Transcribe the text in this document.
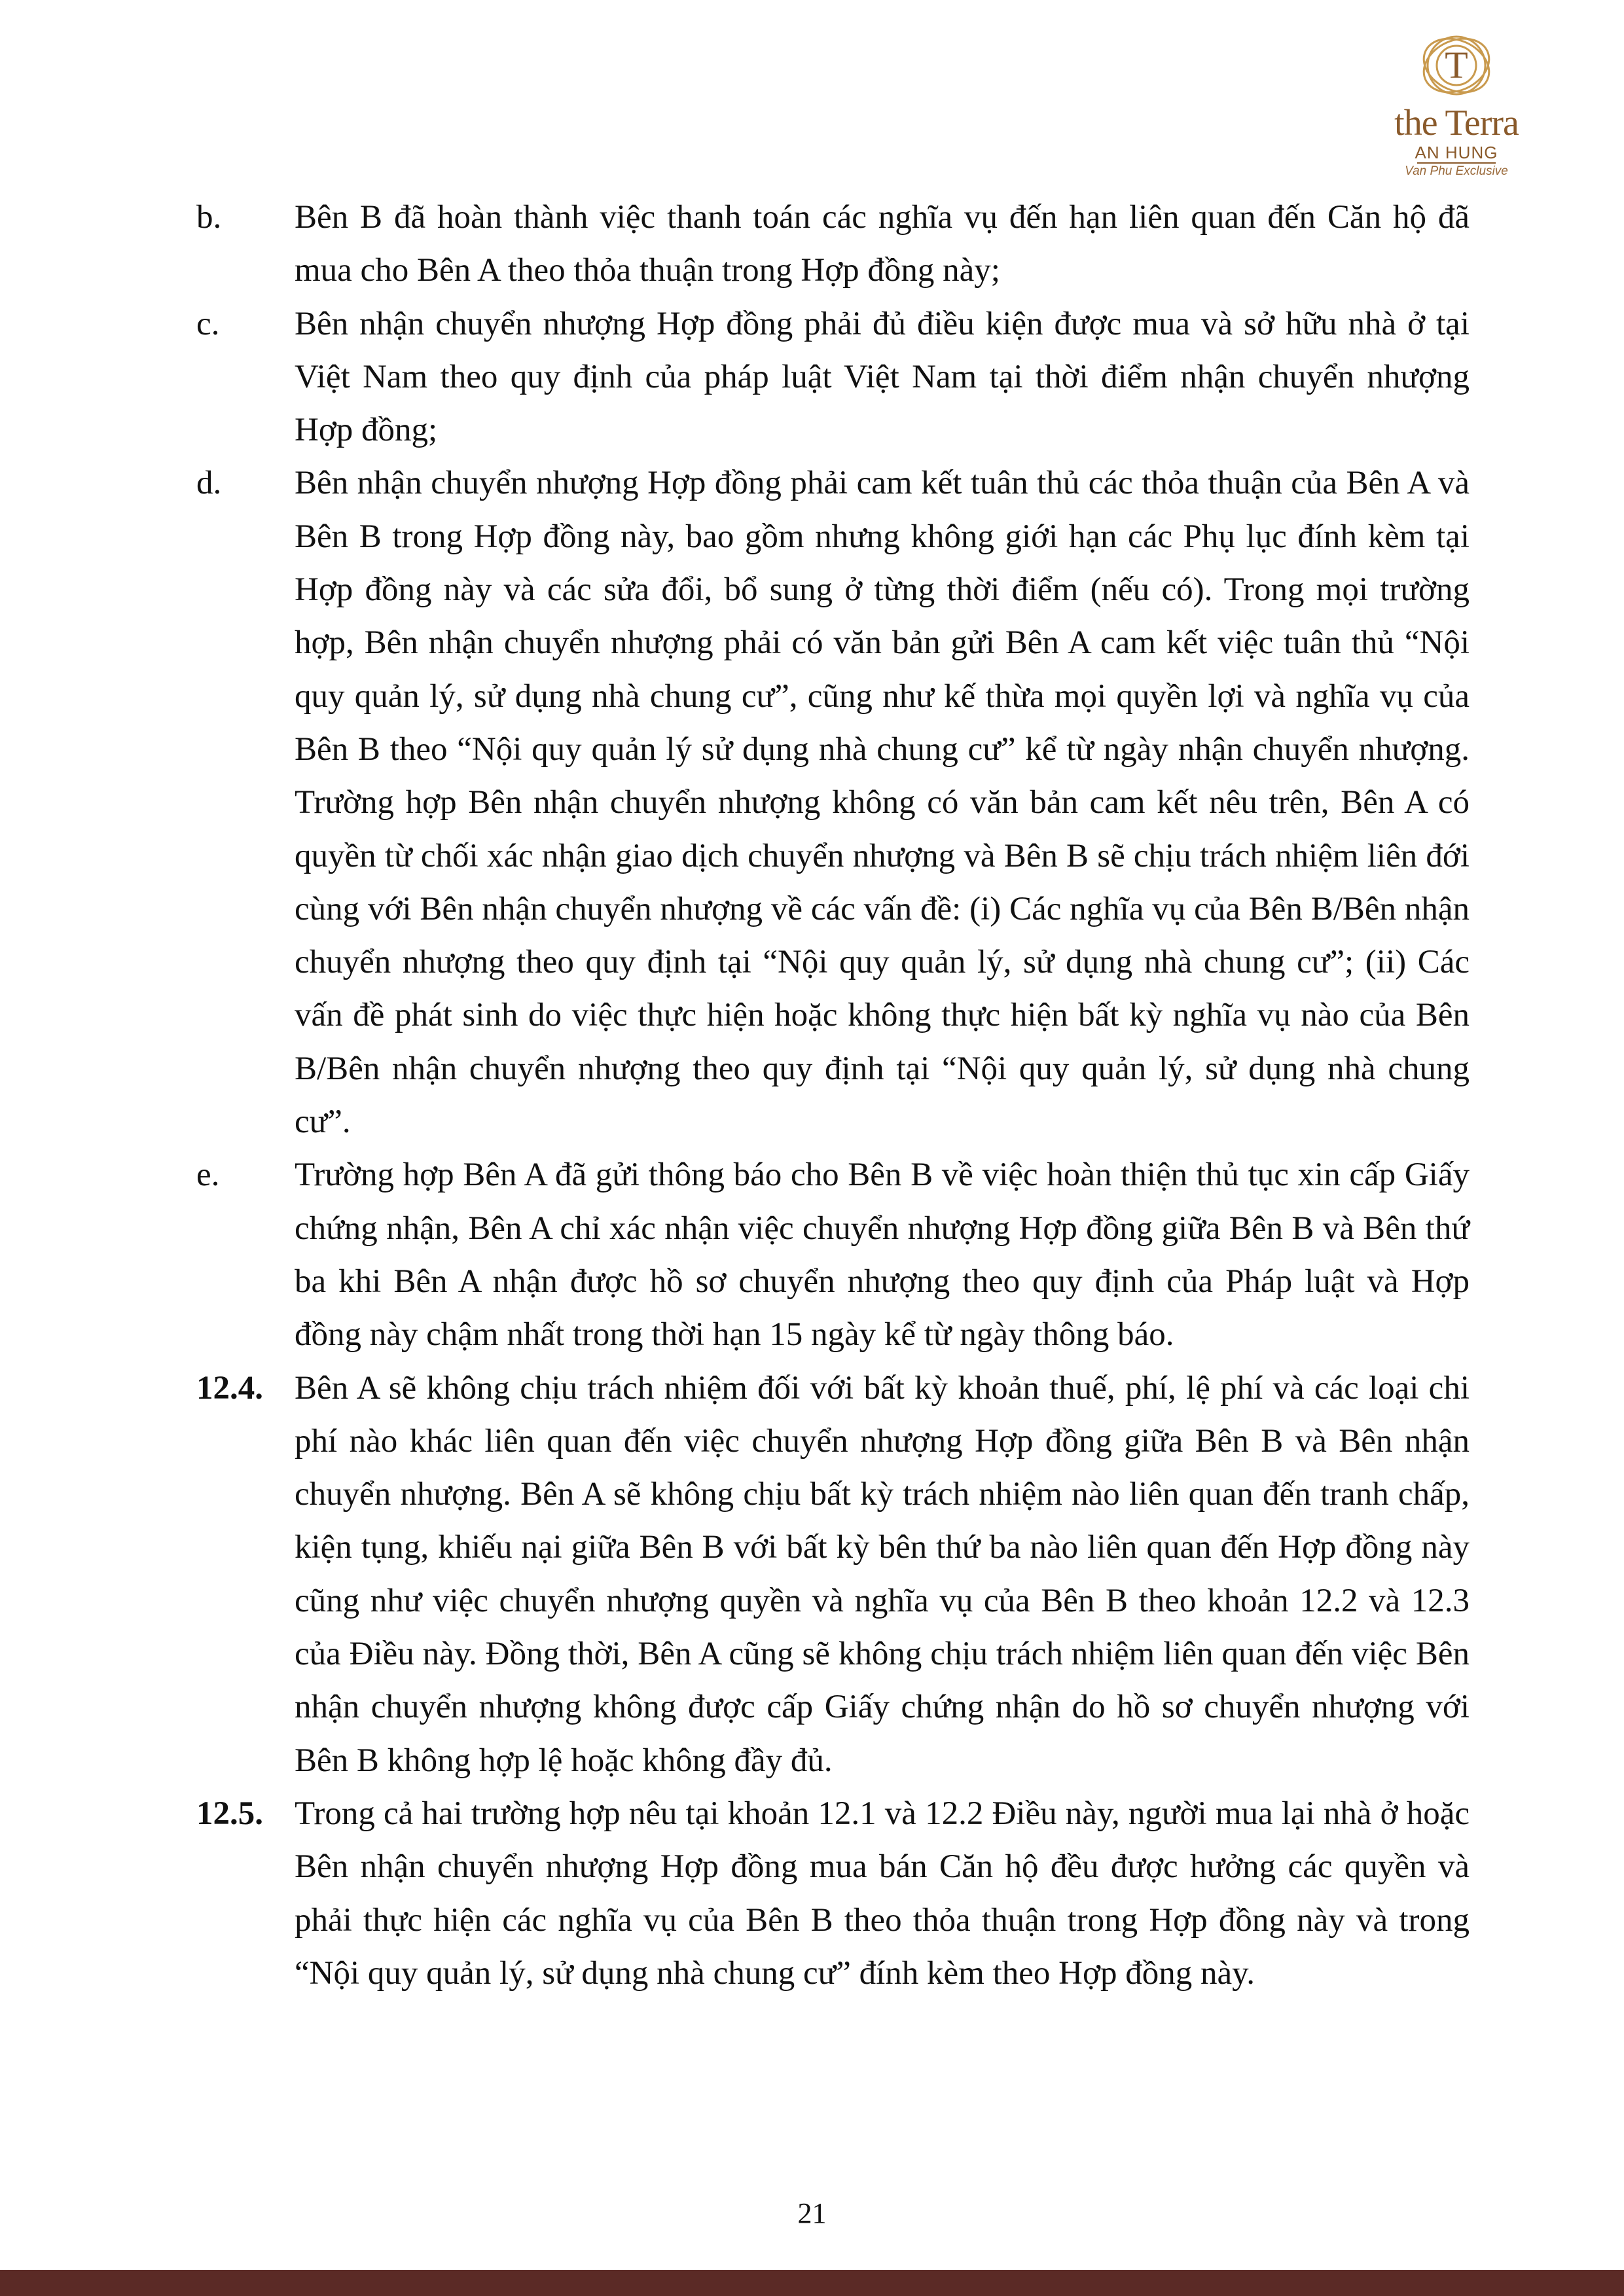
T
the Terra
AN HUNG
Van Phu Exclusive
b.	Bên B đã hoàn thành việc thanh toán các nghĩa vụ đến hạn liên quan đến Căn hộ đã mua cho Bên A theo thỏa thuận trong Hợp đồng này;
c.	Bên nhận chuyển nhượng Hợp đồng phải đủ điều kiện được mua và sở hữu nhà ở tại Việt Nam theo quy định của pháp luật Việt Nam tại thời điểm nhận chuyển nhượng Hợp đồng;
d.	Bên nhận chuyển nhượng Hợp đồng phải cam kết tuân thủ các thỏa thuận của Bên A và Bên B trong Hợp đồng này, bao gồm nhưng không giới hạn các Phụ lục đính kèm tại Hợp đồng này và các sửa đổi, bổ sung ở từng thời điểm (nếu có). Trong mọi trường hợp, Bên nhận chuyển nhượng phải có văn bản gửi Bên A cam kết việc tuân thủ “Nội quy quản lý, sử dụng nhà chung cư”, cũng như kế thừa mọi quyền lợi và nghĩa vụ của Bên B theo “Nội quy quản lý sử dụng nhà chung cư” kể từ ngày nhận chuyển nhượng. Trường hợp Bên nhận chuyển nhượng không có văn bản cam kết nêu trên, Bên A có quyền từ chối xác nhận giao dịch chuyển nhượng và Bên B sẽ chịu trách nhiệm liên đới cùng với Bên nhận chuyển nhượng về các vấn đề: (i) Các nghĩa vụ của Bên B/Bên nhận chuyển nhượng theo quy định tại “Nội quy quản lý, sử dụng nhà chung cư”; (ii) Các vấn đề phát sinh do việc thực hiện hoặc không thực hiện bất kỳ nghĩa vụ nào của Bên B/Bên nhận chuyển nhượng theo quy định tại “Nội quy quản lý, sử dụng nhà chung cư”.
e.	Trường hợp Bên A đã gửi thông báo cho Bên B về việc hoàn thiện thủ tục xin cấp Giấy chứng nhận, Bên A chỉ xác nhận việc chuyển nhượng Hợp đồng giữa Bên B và Bên thứ ba khi Bên A nhận được hồ sơ chuyển nhượng theo quy định của Pháp luật và Hợp đồng này chậm nhất trong thời hạn 15 ngày kể từ ngày thông báo.
12.4. Bên A sẽ không chịu trách nhiệm đối với bất kỳ khoản thuế, phí, lệ phí và các loại chi phí nào khác liên quan đến việc chuyển nhượng Hợp đồng giữa Bên B và Bên nhận chuyển nhượng. Bên A sẽ không chịu bất kỳ trách nhiệm nào liên quan đến tranh chấp, kiện tụng, khiếu nại giữa Bên B với bất kỳ bên thứ ba nào liên quan đến Hợp đồng này cũng như việc chuyển nhượng quyền và nghĩa vụ của Bên B theo khoản 12.2 và 12.3 của Điều này. Đồng thời, Bên A cũng sẽ không chịu trách nhiệm liên quan đến việc Bên nhận chuyển nhượng không được cấp Giấy chứng nhận do hồ sơ chuyển nhượng với Bên B không hợp lệ hoặc không đầy đủ.
12.5. Trong cả hai trường hợp nêu tại khoản 12.1 và 12.2 Điều này, người mua lại nhà ở hoặc Bên nhận chuyển nhượng Hợp đồng mua bán Căn hộ đều được hưởng các quyền và phải thực hiện các nghĩa vụ của Bên B theo thỏa thuận trong Hợp đồng này và trong “Nội quy quản lý, sử dụng nhà chung cư” đính kèm theo Hợp đồng này.
21
